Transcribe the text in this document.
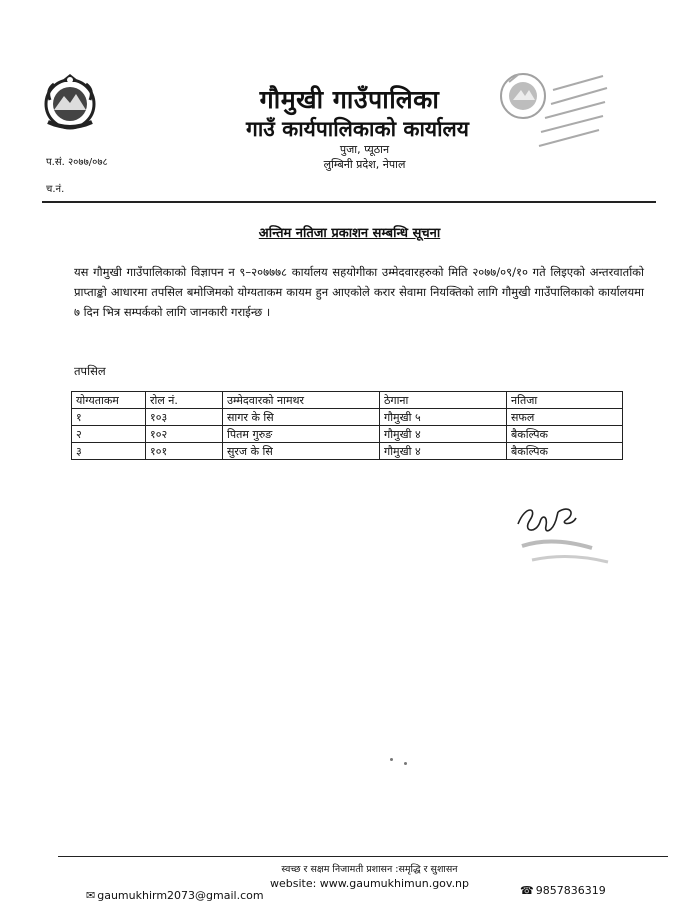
गौमुखी गाउँपालिका
गाउँ कार्यपालिकाको कार्यालय
पुजा, प्यूठान
लुम्बिनी प्रदेश, नेपाल
प.सं. २०७७/०७८
च.नं.
अन्तिम नतिजा प्रकाशन सम्बन्धि सूचना
यस गौमुखी गाउँपालिकाको विज्ञापन न ९–२०७७७८ कार्यालय सहयोगीका उम्मेदवारहरुको मिति २०७७/०९/१० गते लिइएको अन्तरवार्ताको प्राप्ताङ्को आधारमा तपसिल बमोजिमको योग्यताकम कायम हुन आएकोले करार सेवामा नियक्तिको लागि गौमुखी गाउँपालिकाको कार्यालयमा ७ दिन भित्र सम्पर्कको लागि जानकारी गराईन्छ ।
तपसिल
योग्यताकम	रोल नं.	उम्मेदवारको नामथर	ठेगाना	नतिजा
१	१०३	सागर के सि	गौमुखी ५	सफल
२	१०२	पितम गुरुङ	गौमुखी ४	बैकल्पिक
३	१०१	सुरज के सि	गौमुखी ४	बैकल्पिक
स्वच्छ र सक्षम निजामती प्रशासन :समृद्धि र सुशासन
website: www.gaumukhimun.gov.np
✉ gaumukhirm2073@gmail.com	☎ 9857836319
